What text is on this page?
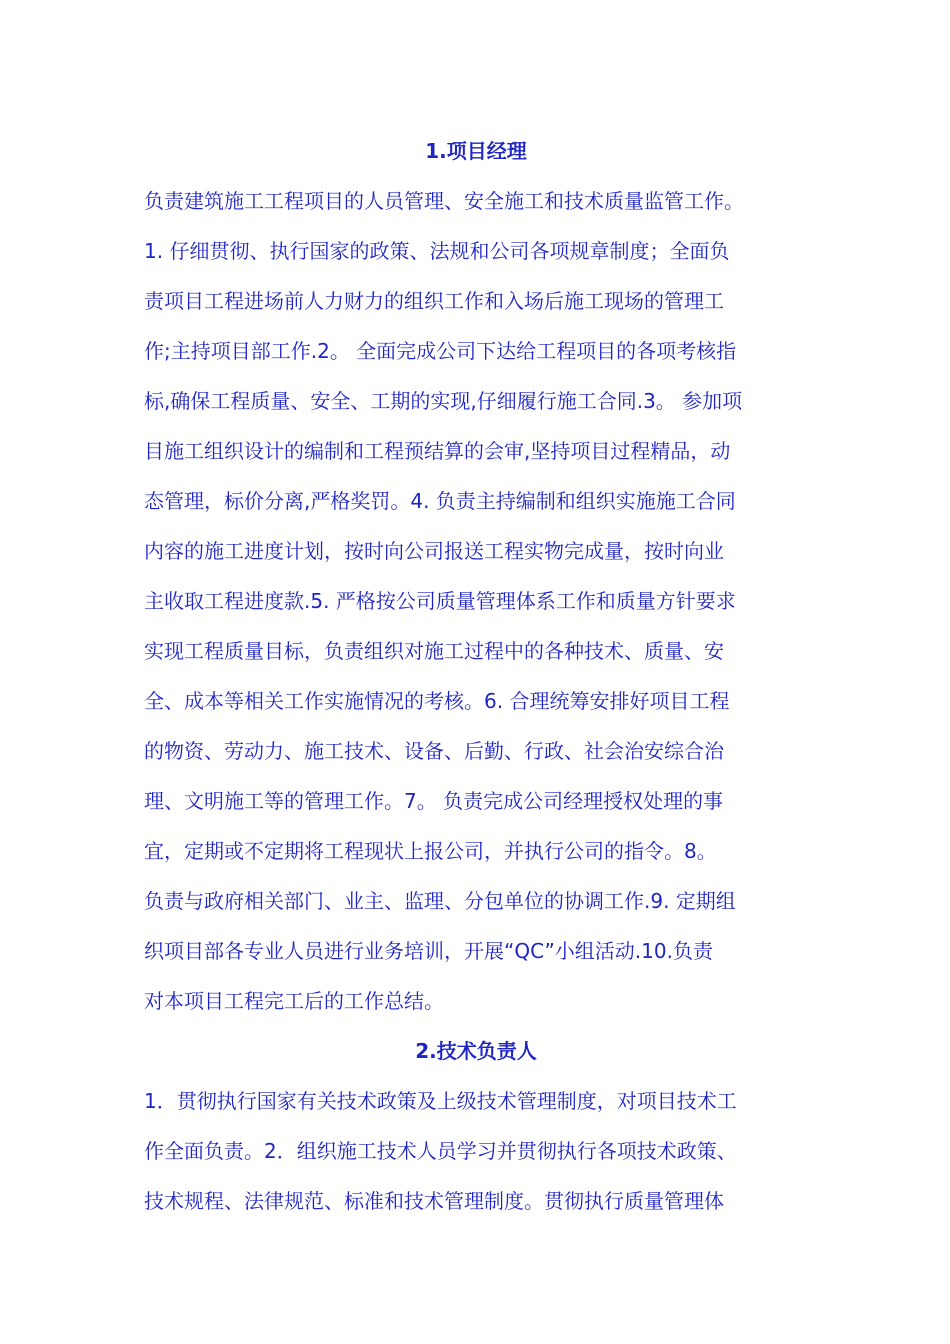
1.项目经理
负责建筑施工工程项目的人员管理、安全施工和技术质量监管工作。
1. 仔细贯彻、执行国家的政策、法规和公司各项规章制度；全面负
责项目工程进场前人力财力的组织工作和入场后施工现场的管理工
作;主持项目部工作.2。 全面完成公司下达给工程项目的各项考核指
标,确保工程质量、安全、工期的实现,仔细履行施工合同.3。 参加项
目施工组织设计的编制和工程预结算的会审,坚持项目过程精品，动
态管理，标价分离,严格奖罚。4. 负责主持编制和组织实施施工合同
内容的施工进度计划，按时向公司报送工程实物完成量，按时向业
主收取工程进度款.5. 严格按公司质量管理体系工作和质量方针要求
实现工程质量目标，负责组织对施工过程中的各种技术、质量、安
全、成本等相关工作实施情况的考核。6. 合理统筹安排好项目工程
的物资、劳动力、施工技术、设备、后勤、行政、社会治安综合治
理、文明施工等的管理工作。7。 负责完成公司经理授权处理的事
宜，定期或不定期将工程现状上报公司，并执行公司的指令。8。
负责与政府相关部门、业主、监理、分包单位的协调工作.9. 定期组
织项目部各专业人员进行业务培训，开展“QC”小组活动.10.负责
对本项目工程完工后的工作总结。
2.技术负责人
1．贯彻执行国家有关技术政策及上级技术管理制度，对项目技术工
作全面负责。2．组织施工技术人员学习并贯彻执行各项技术政策、
技术规程、法律规范、标准和技术管理制度。贯彻执行质量管理体
